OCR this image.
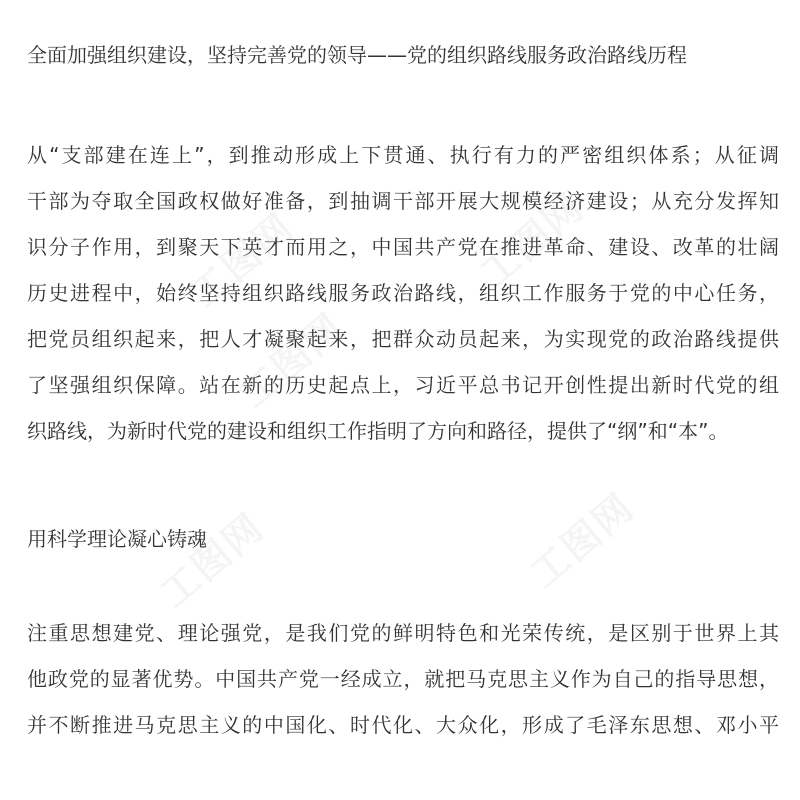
全面加强组织建设，坚持完善党的领导——党的组织路线服务政治路线历程
从“支部建在连上”，到推动形成上下贯通、执行有力的严密组织体系；从征调
干部为夺取全国政权做好准备，到抽调干部开展大规模经济建设；从充分发挥知
识分子作用，到聚天下英才而用之，中国共产党在推进革命、建设、改革的壮阔
历史进程中，始终坚持组织路线服务政治路线，组织工作服务于党的中心任务，
把党员组织起来，把人才凝聚起来，把群众动员起来，为实现党的政治路线提供
了坚强组织保障。站在新的历史起点上，习近平总书记开创性提出新时代党的组
织路线，为新时代党的建设和组织工作指明了方向和路径，提供了“纲”和“本”。
用科学理论凝心铸魂
注重思想建党、理论强党，是我们党的鲜明特色和光荣传统，是区别于世界上其
他政党的显著优势。中国共产党一经成立，就把马克思主义作为自己的指导思想，
并不断推进马克思主义的中国化、时代化、大众化，形成了毛泽东思想、邓小平
